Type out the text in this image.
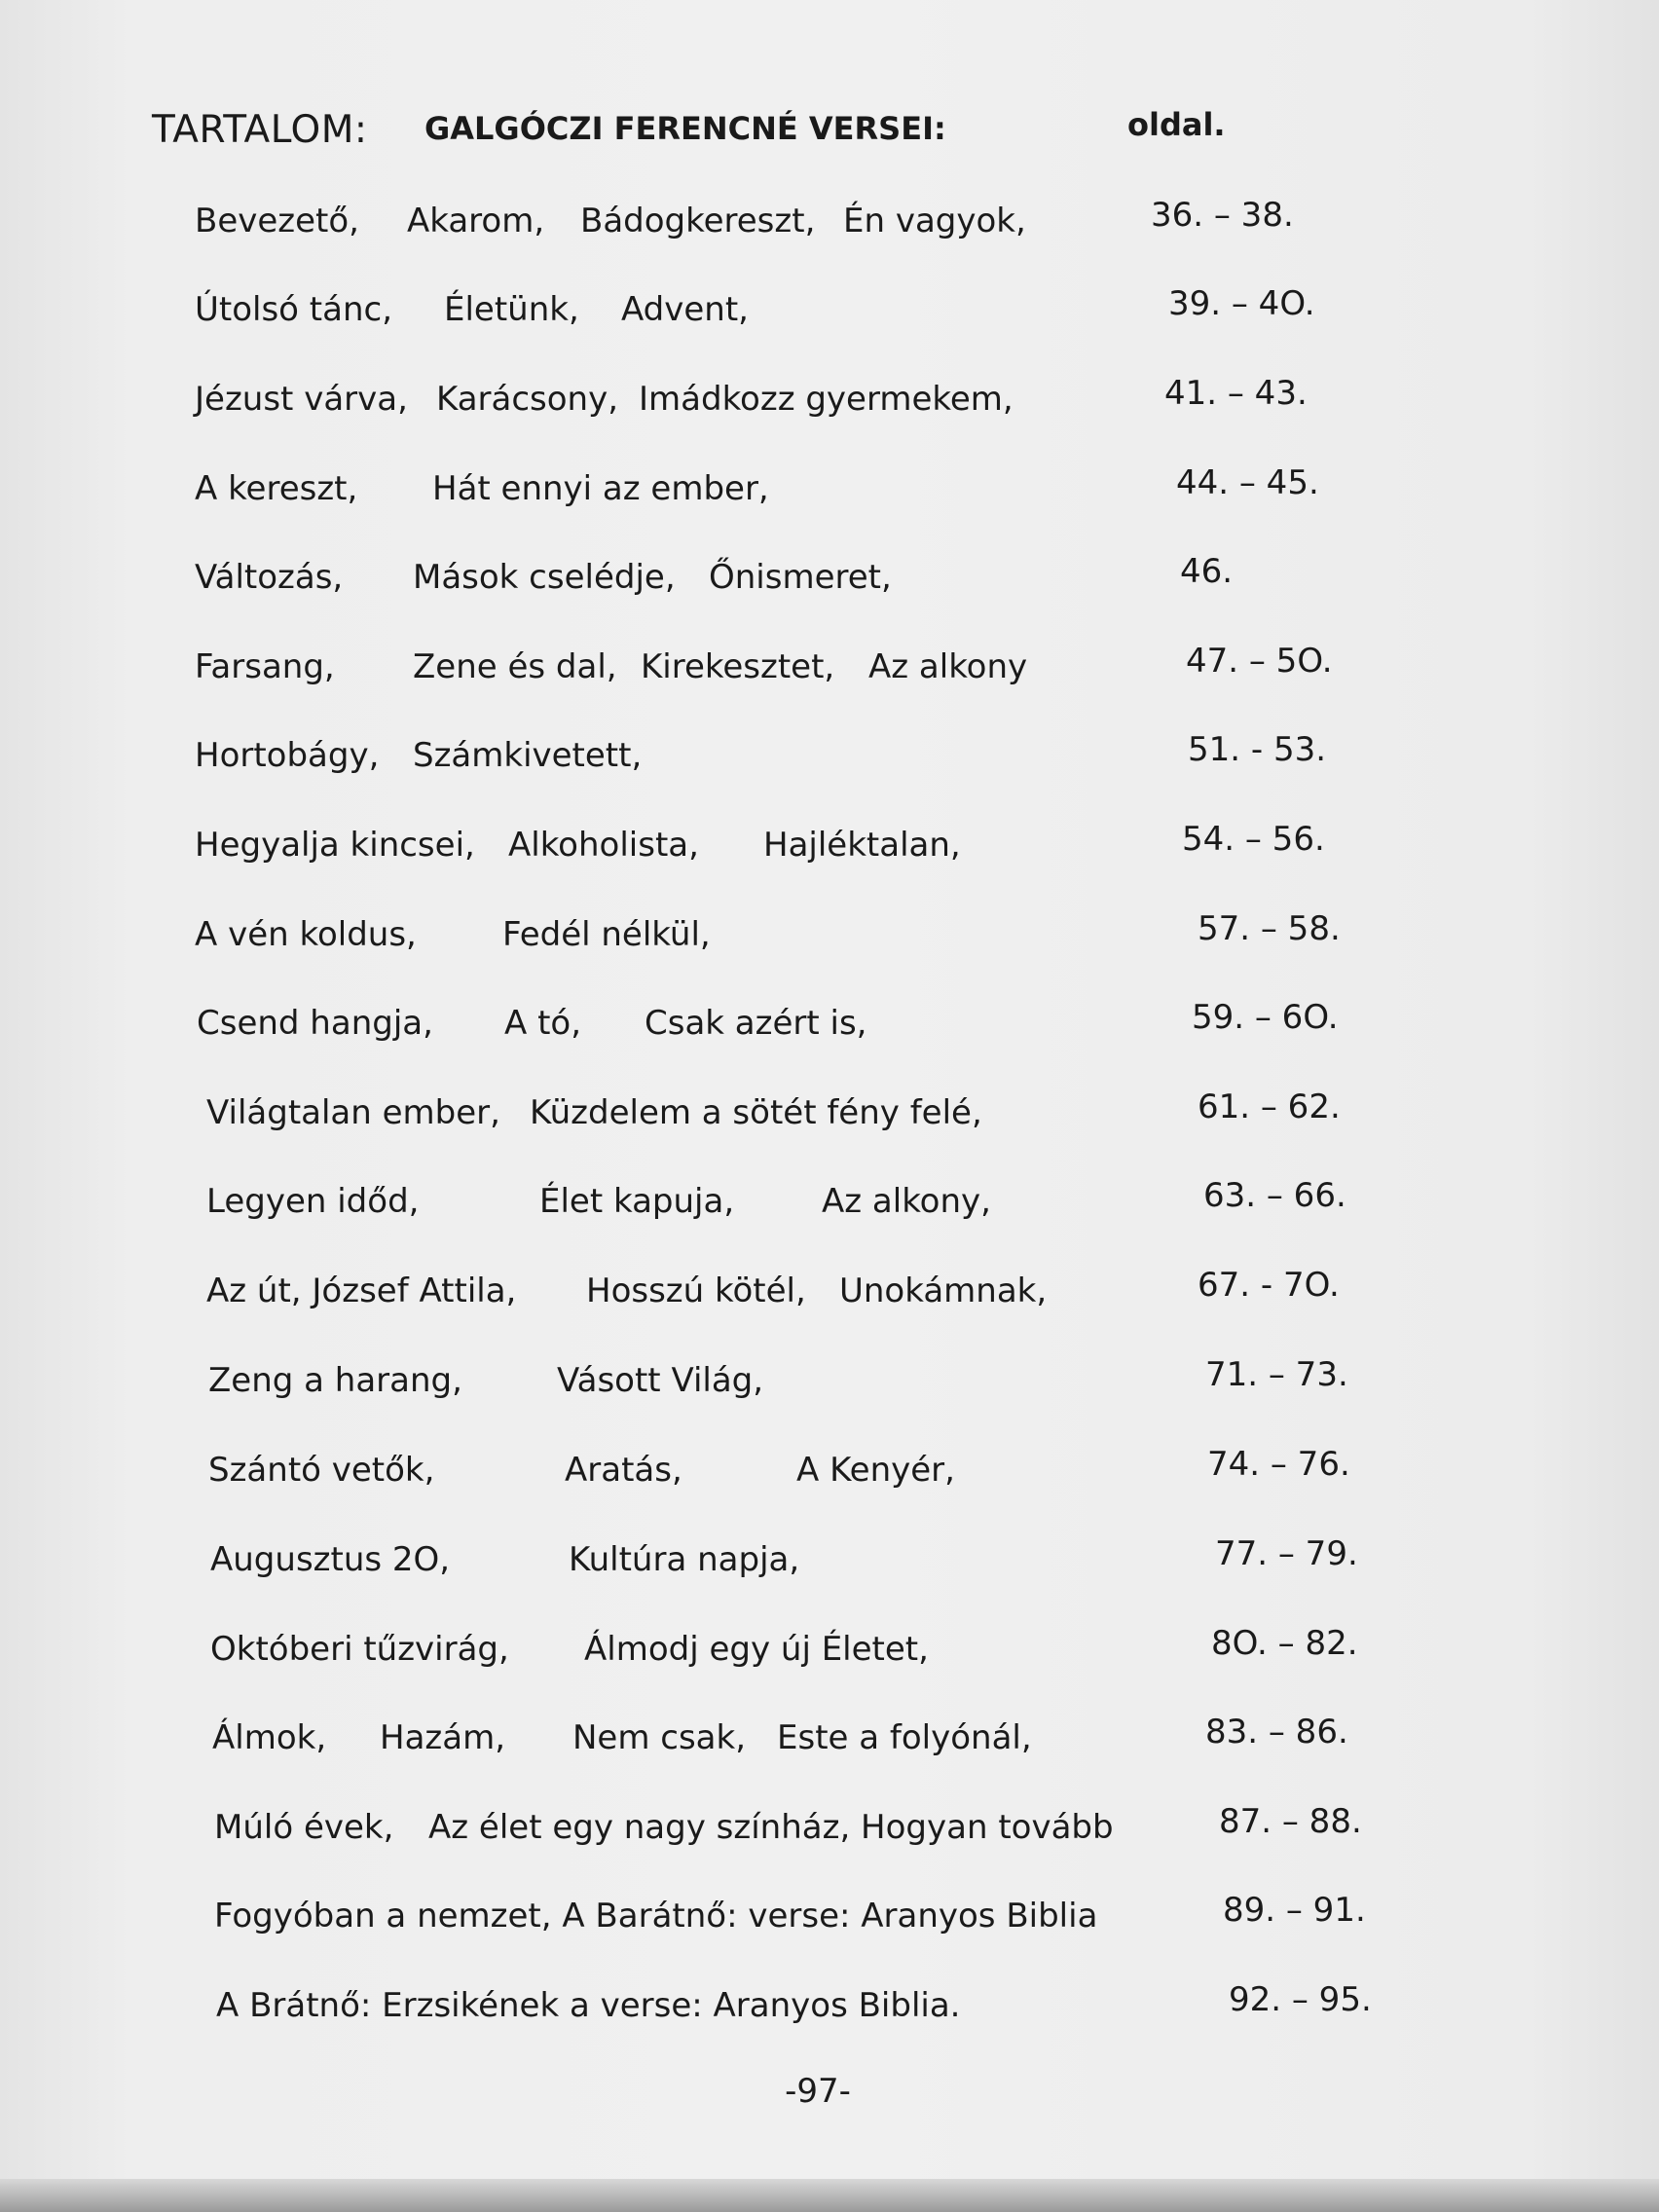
TARTALOM: GALGÓCZI FERENCNÉ VERSEI:	oldal.
Bevezető, Akarom, Bádogkereszt, Én vagyok,	36. – 38.
Útolsó tánc, Életünk, Advent,	39. – 4O.
Jézust várva, Karácsony, Imádkozz gyermekem,	41. – 43.
A kereszt, Hát ennyi az ember,	44. – 45.
Változás, Mások cselédje, Őnismeret,	46.
Farsang, Zene és dal, Kirekesztet, Az alkony	47. – 5O.
Hortobágy, Számkivetett,	51. - 53.
Hegyalja kincsei, Alkoholista, Hajléktalan,	54. – 56.
A vén koldus,	Fedél nélkül,	57. – 58.
Csend hangja, A tó, Csak azért is,	59. – 6O.
Világtalan ember, Küzdelem a sötét fény felé,	61. – 62.
Legyen időd,	Élet kapuja,	Az alkony,	63. – 66.
Az út, József Attila, Hosszú kötél, Unokámnak,	67. - 7O.
Zeng a harang,	Vásott Világ,	71. – 73.
Szántó vetők,	Aratás,	A Kenyér,	74. – 76.
Augusztus 2O,	Kultúra napja,	77. – 79.
Októberi tűzvirág, Álmodj egy új Életet,	8O. – 82.
Álmok, Hazám, Nem csak, Este a folyónál,	83. – 86.
Múló évek, Az élet egy nagy színház, Hogyan tovább	87. – 88.
Fogyóban a nemzet, A Barátnő: verse: Aranyos Biblia	89. – 91.
A Brátnő: Erzsikének a verse: Aranyos Biblia.	92. – 95.
-97-
